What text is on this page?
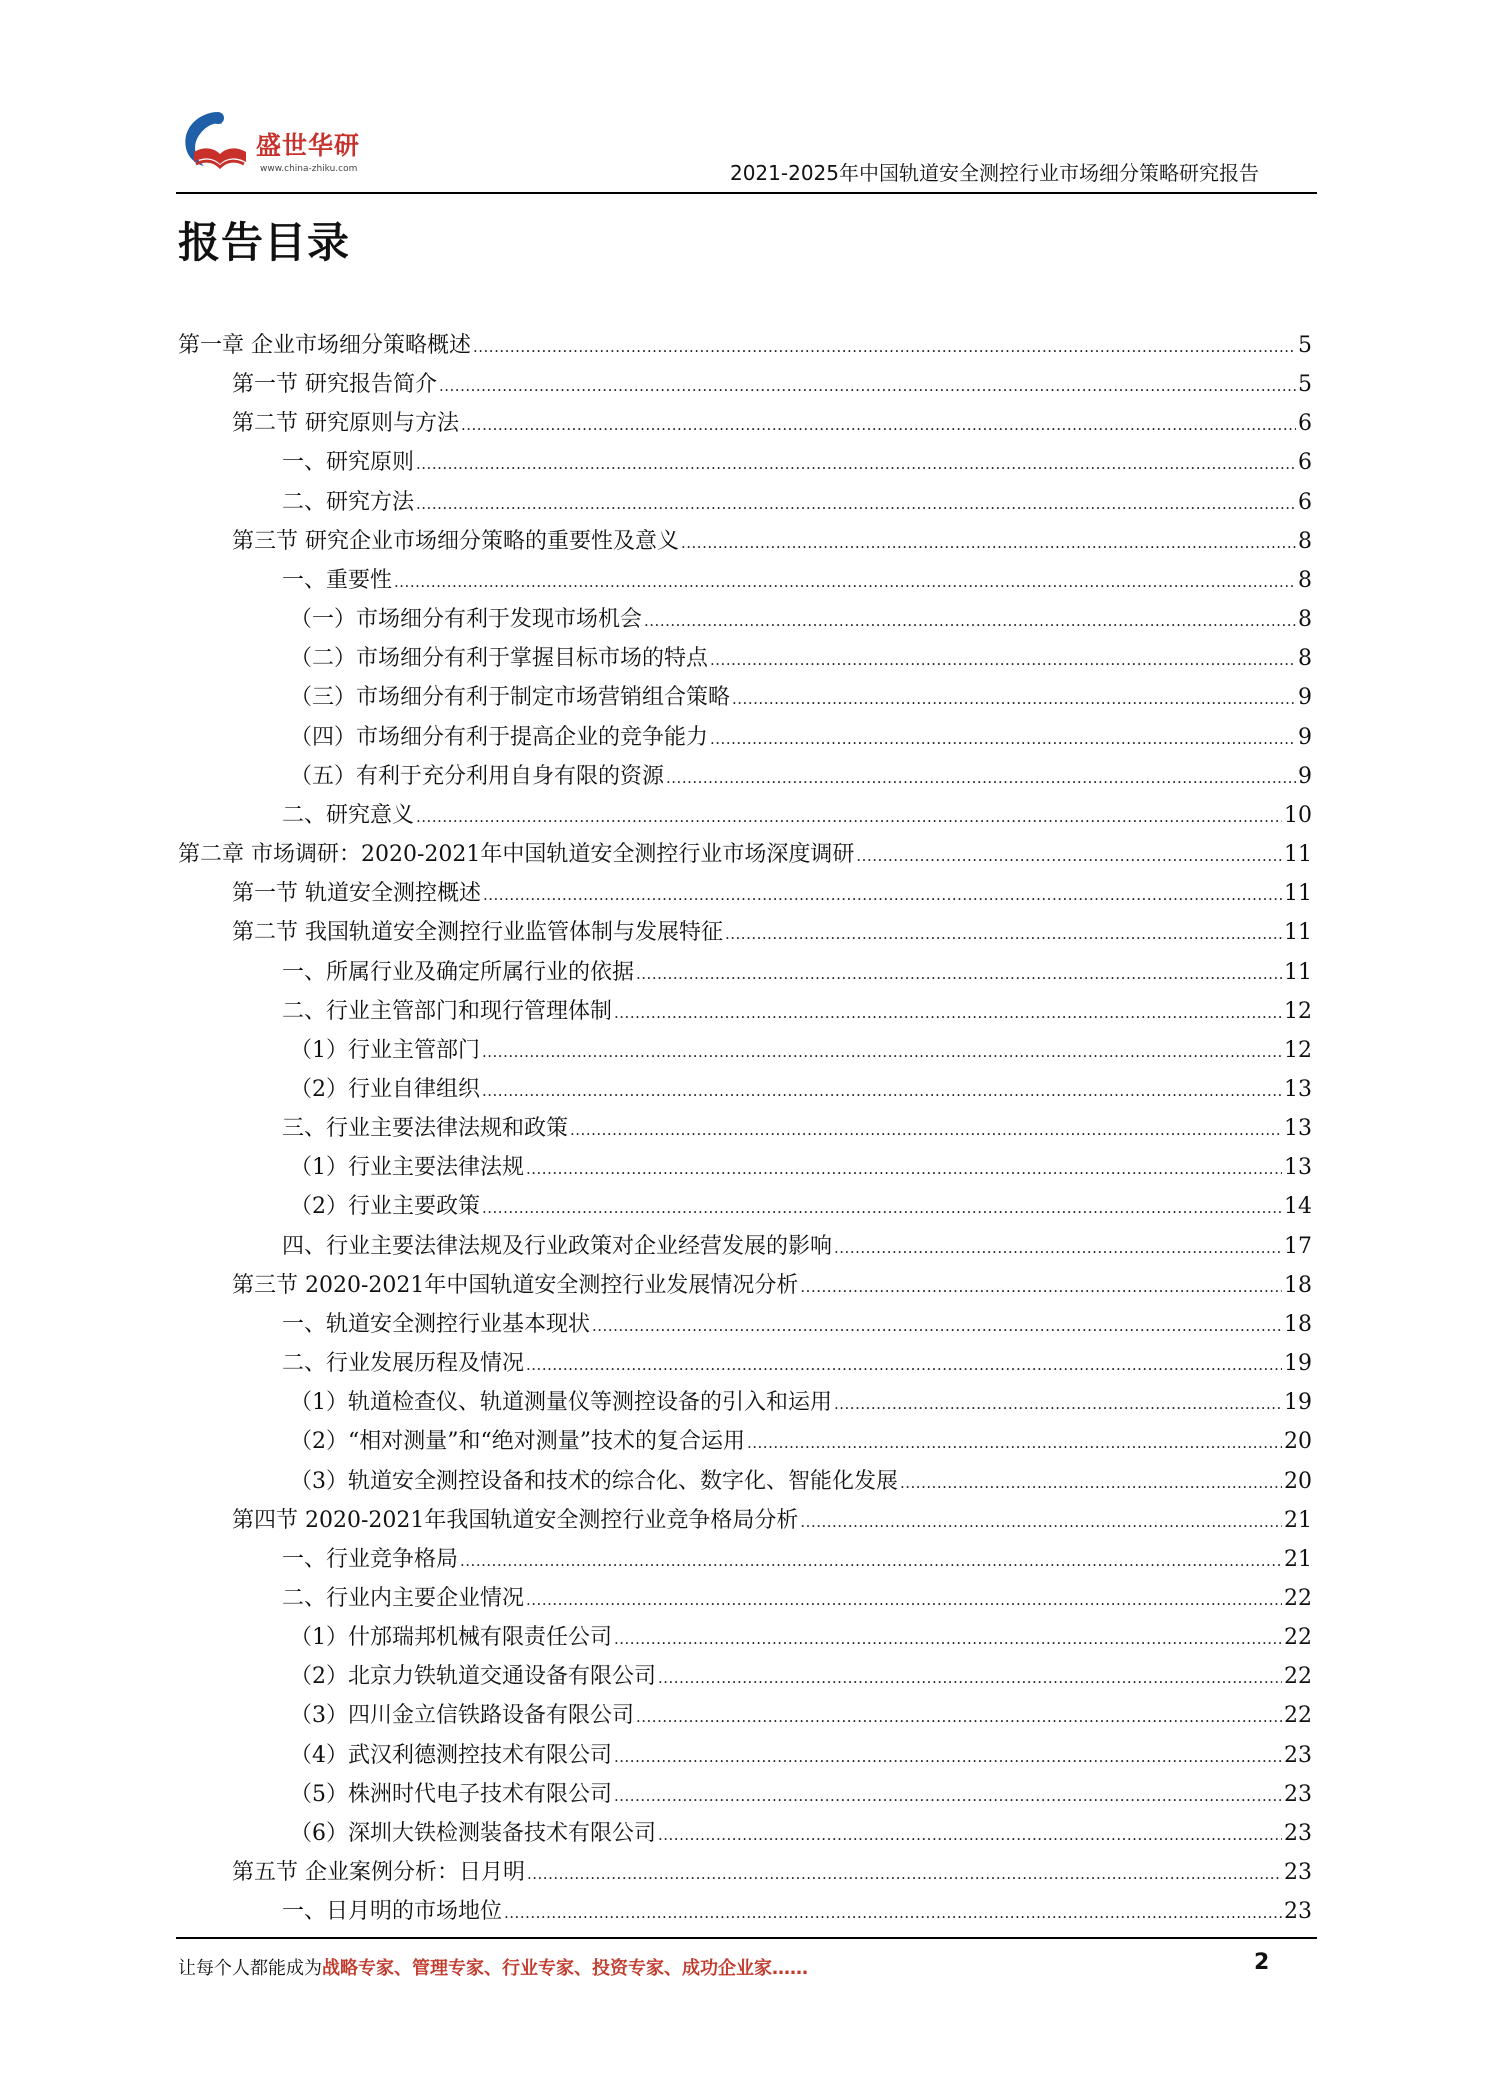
盛世华研
www.china-zhiku.com	2021-2025年中国轨道安全测控行业市场细分策略研究报告
报告目录
第一章 企业市场细分策略概述 .....	5
第一节 研究报告简介 .....	5
第二节 研究原则与方法 .....	6
一、研究原则 .....	6
二、研究方法 .....	6
第三节 研究企业市场细分策略的重要性及意义 .....	8
一、重要性 .....	8
（一）市场细分有利于发现市场机会 .....	8
（二）市场细分有利于掌握目标市场的特点 .....	8
（三）市场细分有利于制定市场营销组合策略 .....	9
（四）市场细分有利于提高企业的竞争能力 .....	9
（五）有利于充分利用自身有限的资源 .....	9
二、研究意义 .....	10
第二章 市场调研：2020-2021年中国轨道安全测控行业市场深度调研 .....	11
第一节 轨道安全测控概述 .....	11
第二节 我国轨道安全测控行业监管体制与发展特征 .....	11
一、所属行业及确定所属行业的依据 .....	11
二、行业主管部门和现行管理体制 .....	12
（1）行业主管部门 .....	12
（2）行业自律组织 .....	13
三、行业主要法律法规和政策 .....	13
（1）行业主要法律法规 .....	13
（2）行业主要政策 .....	14
四、行业主要法律法规及行业政策对企业经营发展的影响 .....	17
第三节 2020-2021年中国轨道安全测控行业发展情况分析 .....	18
一、轨道安全测控行业基本现状 .....	18
二、行业发展历程及情况 .....	19
（1）轨道检查仪、轨道测量仪等测控设备的引入和运用 .....	19
（2）“相对测量”和“绝对测量”技术的复合运用 .....	20
（3）轨道安全测控设备和技术的综合化、数字化、智能化发展 .....	20
第四节 2020-2021年我国轨道安全测控行业竞争格局分析 .....	21
一、行业竞争格局 .....	21
二、行业内主要企业情况 .....	22
（1）什邡瑞邦机械有限责任公司 .....	22
（2）北京力铁轨道交通设备有限公司 .....	22
（3）四川金立信铁路设备有限公司 .....	22
（4）武汉利德测控技术有限公司 .....	23
（5）株洲时代电子技术有限公司 .....	23
（6）深圳大铁检测装备技术有限公司 .....	23
第五节 企业案例分析：日月明 .....	23
一、日月明的市场地位 .....	23
让每个人都能成为战略专家、管理专家、行业专家、投资专家、成功企业家……	2
